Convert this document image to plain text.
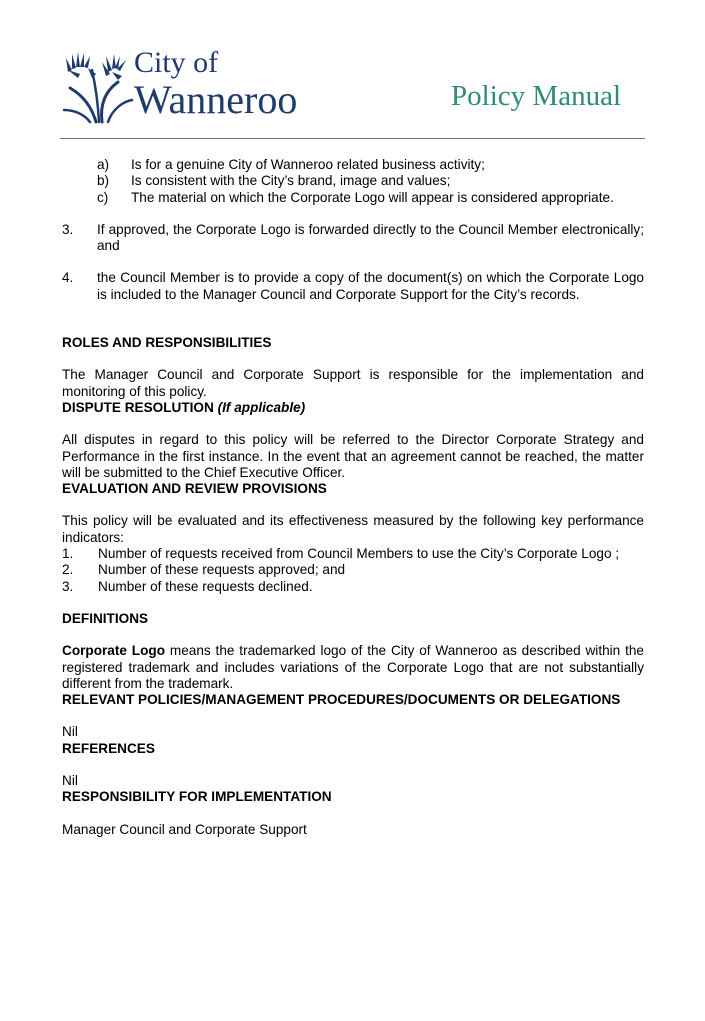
City of
Wanneroo	Policy Manual
a) Is for a genuine City of Wanneroo related business activity;
b) Is consistent with the City’s brand, image and values;
c) The material on which the Corporate Logo will appear is considered appropriate.
3. If approved, the Corporate Logo is forwarded directly to the Council Member electronically; and
4. the Council Member is to provide a copy of the document(s) on which the Corporate Logo is included to the Manager Council and Corporate Support for the City’s records.
ROLES AND RESPONSIBILITIES

The Manager Council and Corporate Support is responsible for the implementation and monitoring of this policy.

DISPUTE RESOLUTION (If applicable)

All disputes in regard to this policy will be referred to the Director Corporate Strategy and Performance in the first instance. In the event that an agreement cannot be reached, the matter will be submitted to the Chief Executive Officer.

EVALUATION AND REVIEW PROVISIONS

This policy will be evaluated and its effectiveness measured by the following key performance indicators:

1. Number of requests received from Council Members to use the City’s Corporate Logo ;
2. Number of these requests approved; and
3. Number of these requests declined.
DEFINITIONS

Corporate Logo means the trademarked logo of the City of Wanneroo as described within the registered trademark and includes variations of the Corporate Logo that are not substantially different from the trademark.

RELEVANT POLICIES/MANAGEMENT PROCEDURES/DOCUMENTS OR DELEGATIONS

Nil

REFERENCES

Nil

RESPONSIBILITY FOR IMPLEMENTATION

Manager Council and Corporate Support
